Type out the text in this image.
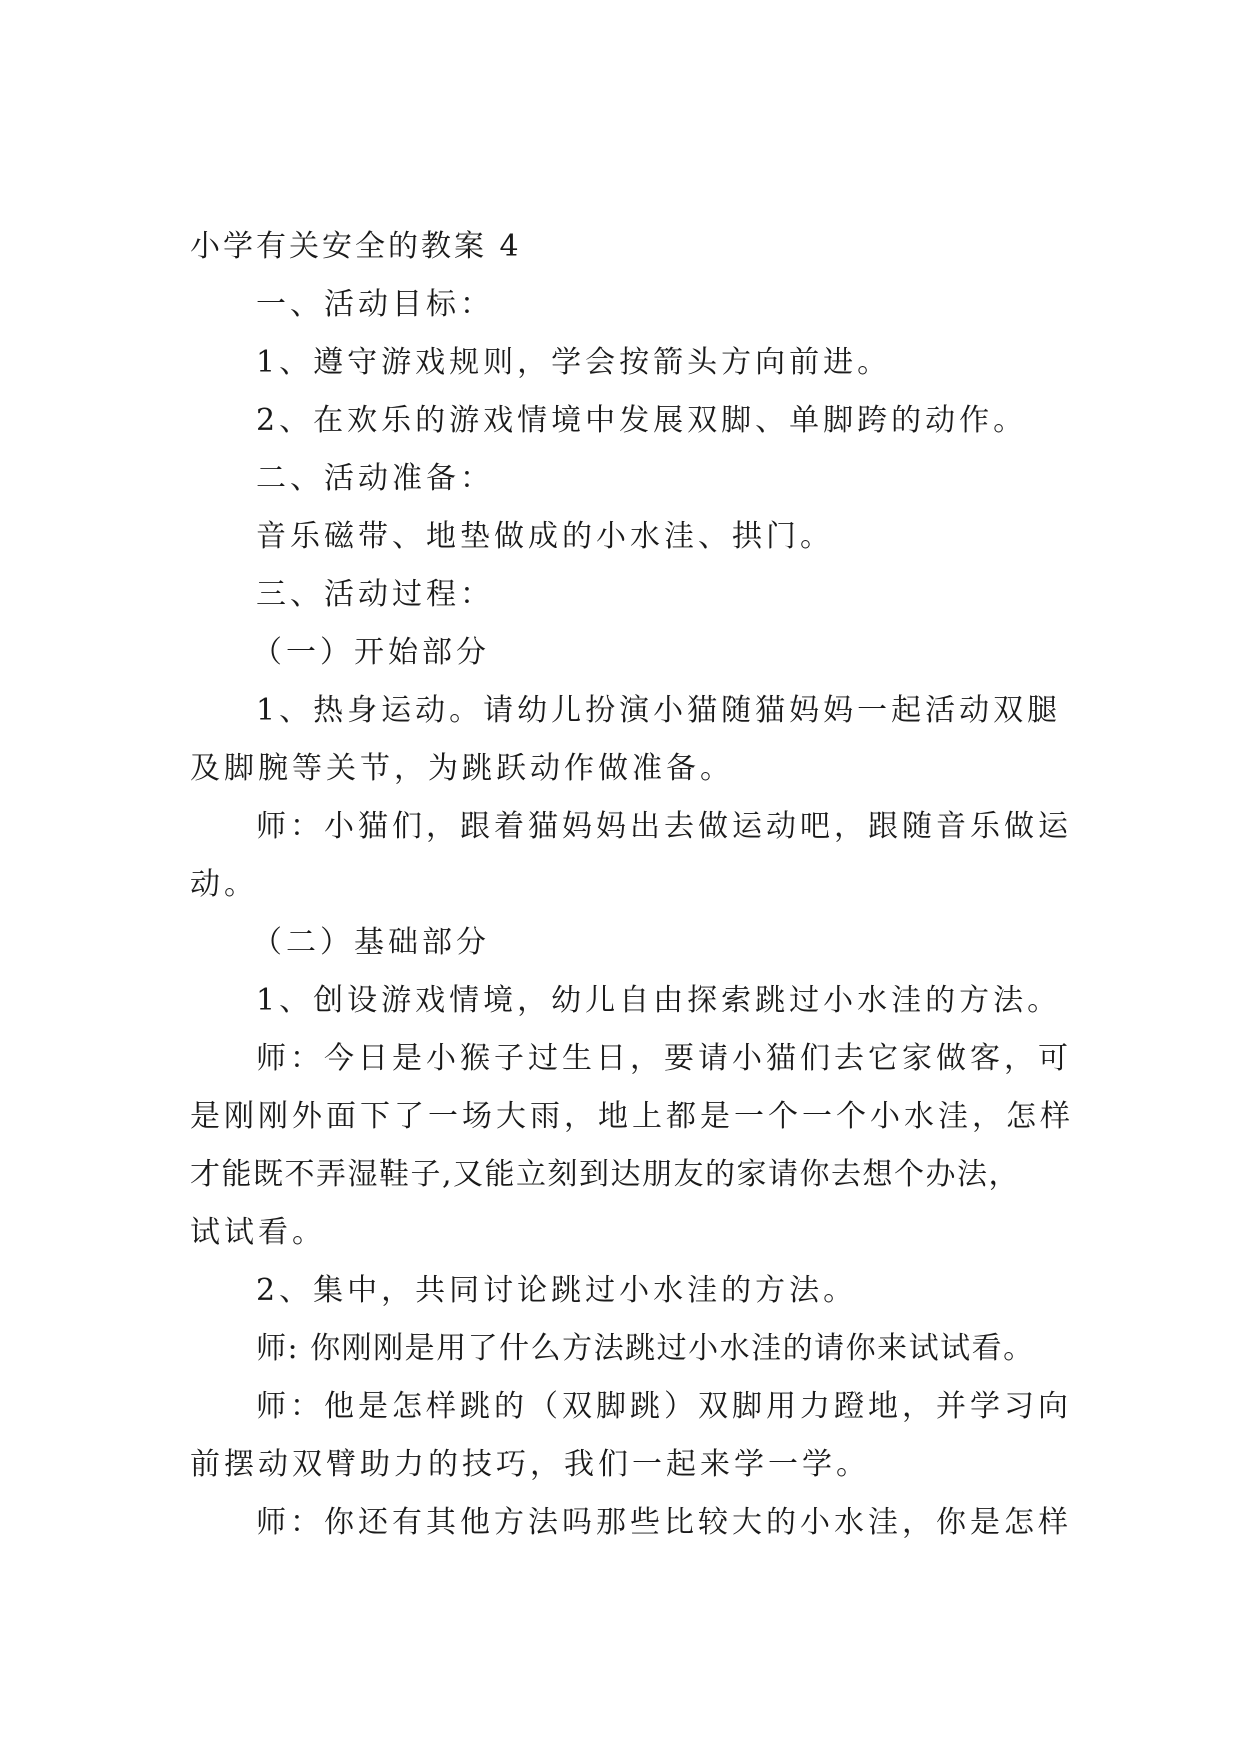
小学有关安全的教案 4
一、活动目标：
1、遵守游戏规则，学会按箭头方向前进。
2、在欢乐的游戏情境中发展双脚、单脚跨的动作。
二、活动准备：
音乐磁带、地垫做成的小水洼、拱门。
三、活动过程：
（一）开始部分
1、热身运动。请幼儿扮演小猫随猫妈妈一起活动双腿
及脚腕等关节，为跳跃动作做准备。
师：小猫们，跟着猫妈妈出去做运动吧，跟随音乐做运
动。
（二）基础部分
1、创设游戏情境，幼儿自由探索跳过小水洼的方法。
师：今日是小猴子过生日，要请小猫们去它家做客，可
是刚刚外面下了一场大雨，地上都是一个一个小水洼，怎样
才能既不弄湿鞋子,又能立刻到达朋友的家请你去想个办法，
试试看。
2、集中，共同讨论跳过小水洼的方法。
师: 你刚刚是用了什么方法跳过小水洼的请你来试试看。
师：他是怎样跳的（双脚跳）双脚用力蹬地，并学习向
前摆动双臂助力的技巧，我们一起来学一学。
师：你还有其他方法吗那些比较大的小水洼，你是怎样
